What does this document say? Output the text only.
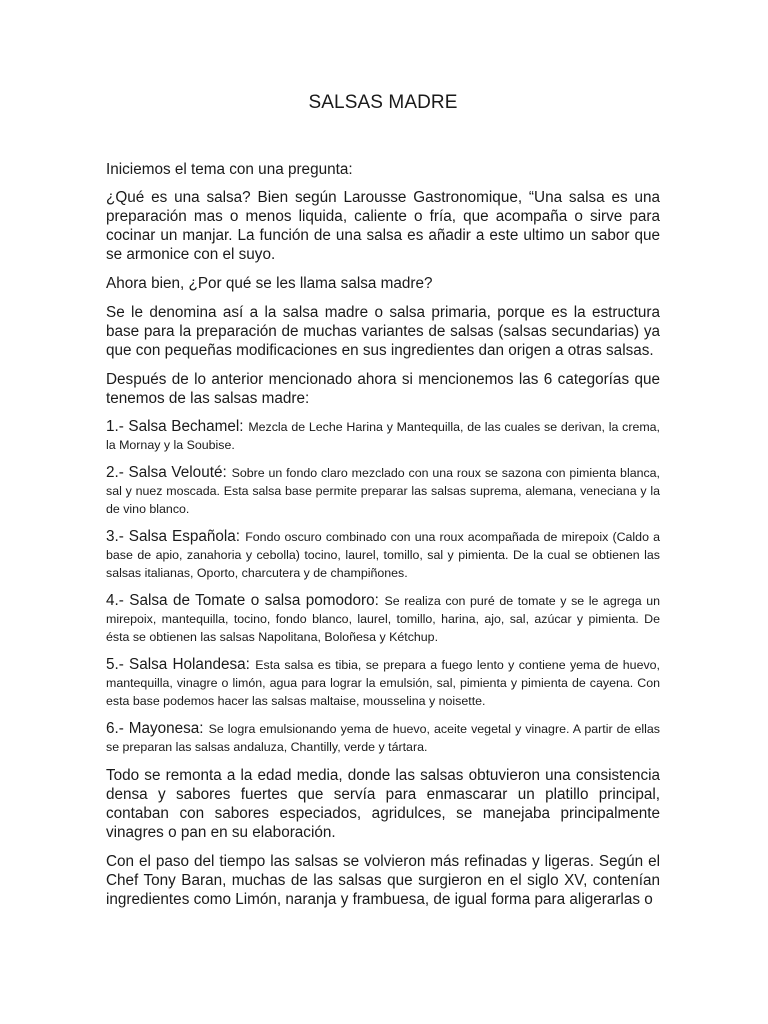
SALSAS MADRE

Iniciemos el tema con una pregunta:

¿Qué es una salsa? Bien según Larousse Gastronomique, “Una salsa es una preparación mas o menos liquida, caliente o fría, que acompaña o sirve para cocinar un manjar. La función de una salsa es añadir a este ultimo un sabor que se armonice con el suyo.

Ahora bien, ¿Por qué se les llama salsa madre?

Se le denomina así a la salsa madre o salsa primaria, porque es la estructura base para la preparación de muchas variantes de salsas (salsas secundarias) ya que con pequeñas modificaciones en sus ingredientes dan origen a otras salsas.

Después de lo anterior mencionado ahora si mencionemos las 6 categorías que tenemos de las salsas madre:

1.- Salsa Bechamel: Mezcla de Leche Harina y Mantequilla, de las cuales se derivan, la crema, la Mornay y la Soubise.
2.- Salsa Velouté: Sobre un fondo claro mezclado con una roux se sazona con pimienta blanca, sal y nuez moscada. Esta salsa base permite preparar las salsas suprema, alemana, veneciana y la de vino blanco.
3.- Salsa Española: Fondo oscuro combinado con una roux acompañada de mirepoix (Caldo a base de apio, zanahoria y cebolla) tocino, laurel, tomillo, sal y pimienta. De la cual se obtienen las salsas italianas, Oporto, charcutera y de champiñones.
4.- Salsa de Tomate o salsa pomodoro: Se realiza con puré de tomate y se le agrega un mirepoix, mantequilla, tocino, fondo blanco, laurel, tomillo, harina, ajo, sal, azúcar y pimienta. De ésta se obtienen las salsas Napolitana, Boloñesa y Kétchup.
5.- Salsa Holandesa: Esta salsa es tibia, se prepara a fuego lento y contiene yema de huevo, mantequilla, vinagre o limón, agua para lograr la emulsión, sal, pimienta y pimienta de cayena. Con esta base podemos hacer las salsas maltaise, mousselina y noisette.
6.- Mayonesa: Se logra emulsionando yema de huevo, aceite vegetal y vinagre. A partir de ellas se preparan las salsas andaluza, Chantilly, verde y tártara.

Todo se remonta a la edad media, donde las salsas obtuvieron una consistencia densa y sabores fuertes que servía para enmascarar un platillo principal, contaban con sabores especiados, agridulces, se manejaba principalmente vinagres o pan en su elaboración.

Con el paso del tiempo las salsas se volvieron más refinadas y ligeras. Según el Chef Tony Baran, muchas de las salsas que surgieron en el siglo XV, contenían ingredientes como Limón, naranja y frambuesa, de igual forma para aligerarlas o
